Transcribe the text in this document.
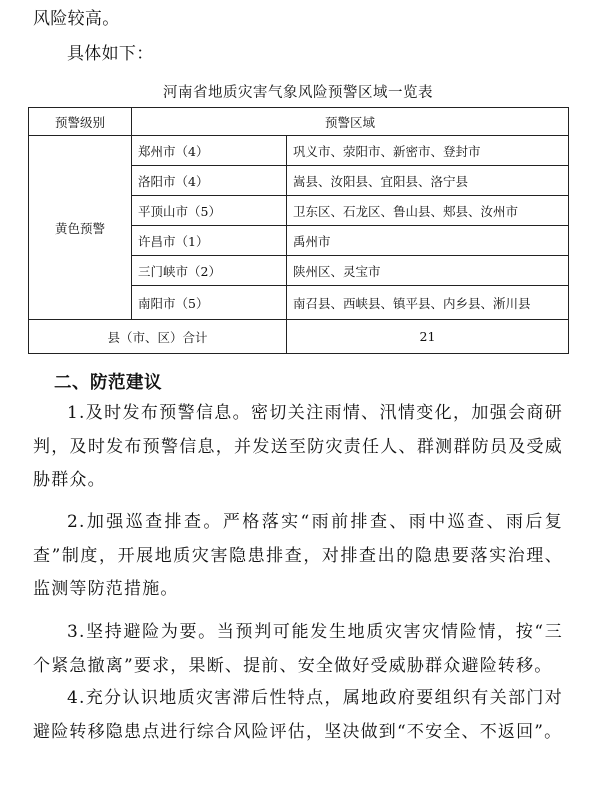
风险较高。

具体如下：

河南省地质灾害气象风险预警区域一览表
预警级别	预警区域	
黄色预警	郑州市（4）	巩义市、荥阳市、新密市、登封市
	洛阳市（4）	嵩县、汝阳县、宜阳县、洛宁县
	平顶山市（5）	卫东区、石龙区、鲁山县、郏县、汝州市
	许昌市（1）	禹州市
	三门峡市（2）	陕州区、灵宝市
	南阳市（5）	南召县、西峡县、镇平县、内乡县、淅川县
县（市、区）合计		21
二、防范建议

1.及时发布预警信息。密切关注雨情、汛情变化，加强会商研判，及时发布预警信息，并发送至防灾责任人、群测群防员及受威胁群众。

2.加强巡查排查。严格落实“雨前排查、雨中巡查、雨后复查”制度，开展地质灾害隐患排查，对排查出的隐患要落实治理、监测等防范措施。

3.坚持避险为要。当预判可能发生地质灾害灾情险情，按“三个紧急撤离”要求，果断、提前、安全做好受威胁群众避险转移。

4.充分认识地质灾害滞后性特点，属地政府要组织有关部门对避险转移隐患点进行综合风险评估，坚决做到“不安全、不返回”。
